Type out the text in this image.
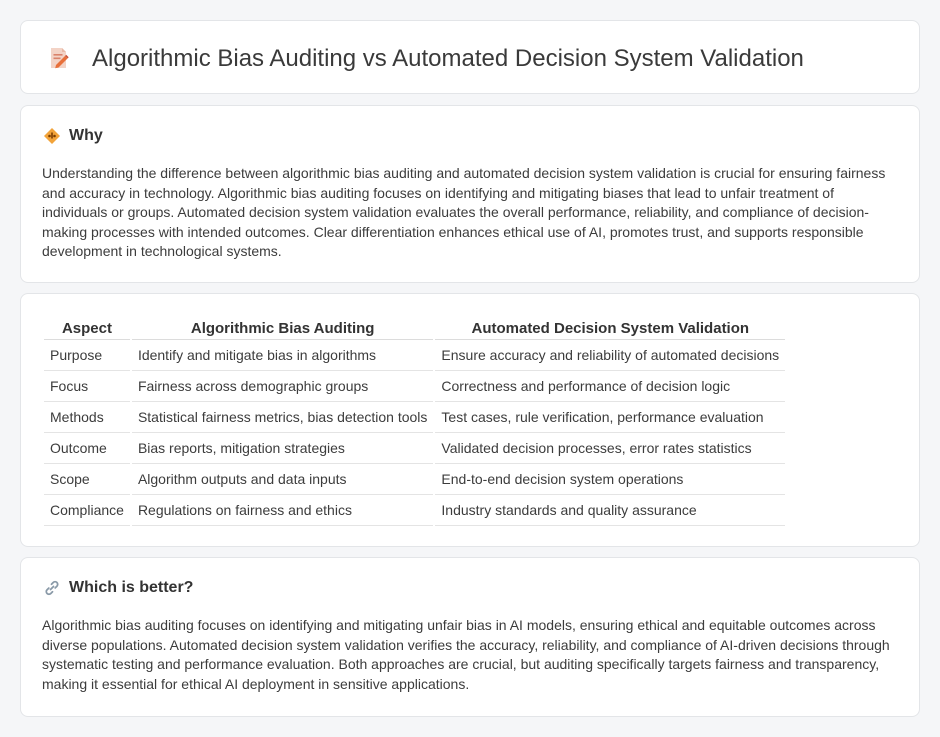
Algorithmic Bias Auditing vs Automated Decision System Validation
Why

Understanding the difference between algorithmic bias auditing and automated decision system validation is crucial for ensuring fairness and accuracy in technology. Algorithmic bias auditing focuses on identifying and mitigating biases that lead to unfair treatment of individuals or groups. Automated decision system validation evaluates the overall performance, reliability, and compliance of decision-making processes with intended outcomes. Clear differentiation enhances ethical use of AI, promotes trust, and supports responsible development in technological systems.

Aspect	Algorithmic Bias Auditing	Automated Decision System Validation
Purpose	Identify and mitigate bias in algorithms	Ensure accuracy and reliability of automated decisions
Focus	Fairness across demographic groups	Correctness and performance of decision logic
Methods	Statistical fairness metrics, bias detection tools	Test cases, rule verification, performance evaluation
Outcome	Bias reports, mitigation strategies	Validated decision processes, error rates statistics
Scope	Algorithm outputs and data inputs	End-to-end decision system operations
Compliance	Regulations on fairness and ethics	Industry standards and quality assurance
Which is better?

Algorithmic bias auditing focuses on identifying and mitigating unfair bias in AI models, ensuring ethical and equitable outcomes across diverse populations. Automated decision system validation verifies the accuracy, reliability, and compliance of AI-driven decisions through systematic testing and performance evaluation. Both approaches are crucial, but auditing specifically targets fairness and transparency, making it essential for ethical AI deployment in sensitive applications.
